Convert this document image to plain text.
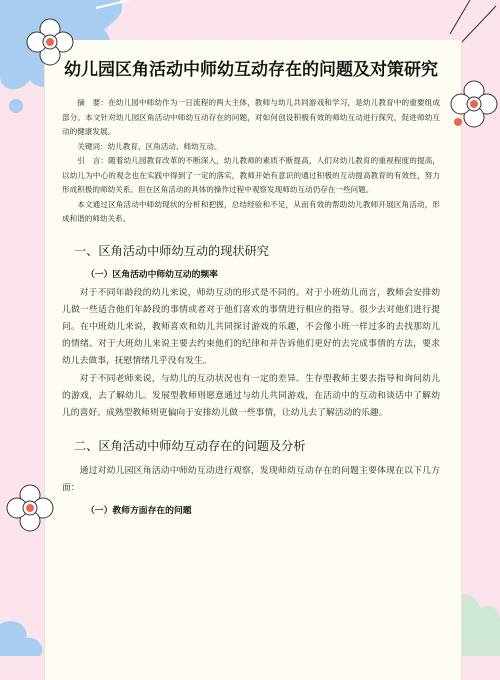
幼儿园区角活动中师幼互动存在的问题及对策研究

摘　要：在幼儿园中师幼作为一日流程的两大主体，教师与幼儿共同游戏和学习，是幼儿教育中的重要组成部分。本文针对幼儿园区角活动中师幼互动存在的问题，对如何创设积极有效的师幼互动进行探究，促进师幼互动的健康发展。

关键词：幼儿教育、区角活动、师幼互动。

引　言：随着幼儿园教育改革的不断深入，幼儿教师的素质不断提高，人们对幼儿教育的重视程度的提高，以幼儿为中心的观念也在实践中得到了一定的落实，教师开始有意识的通过积极的互动提高教育的有效性，努力形成积极的师幼关系。但在区角活动的具体的操作过程中观察发现师幼互动仍存在一些问题。

本文通过区角活动中师幼现状的分析和把握，总结经验和不足，从而有效的帮助幼儿教师开展区角活动，形成和谐的师幼关系。

一、区角活动中师幼互动的现状研究
（一）区角活动中师幼互动的频率

对于不同年龄段的幼儿来说，师幼互动的形式是不同的。对于小班幼儿而言，教师会安排幼儿做一些适合他们年龄段的事情或者对于他们喜欢的事情进行相应的指导。很少去对他们进行提问。在中班幼儿来说，教师喜欢和幼儿共同探讨游戏的乐趣，不会像小班一样过多的去找那幼儿的情绪。对于大班幼儿来说主要去约束他们的纪律和并告诉他们更好的去完成事情的方法，要求幼儿去做事，抚慰情绪几乎没有发生。

对于不同老师来说，与幼儿的互动状况也有一定的差异。生存型教师主要去指导和询问幼儿的游戏，去了解幼儿。发展型教师则愿意通过与幼儿共同游戏，在活动中的互动和谈话中了解幼儿的喜好。成熟型教师则更偏向于安排幼儿做一些事情，让幼儿去了解活动的乐趣。

二、区角活动中师幼互动存在的问题及分析

通过对幼儿园区角活动中师幼互动进行观察，发现师幼互动存在的问题主要体现在以下几方面：

（一）教师方面存在的问题
